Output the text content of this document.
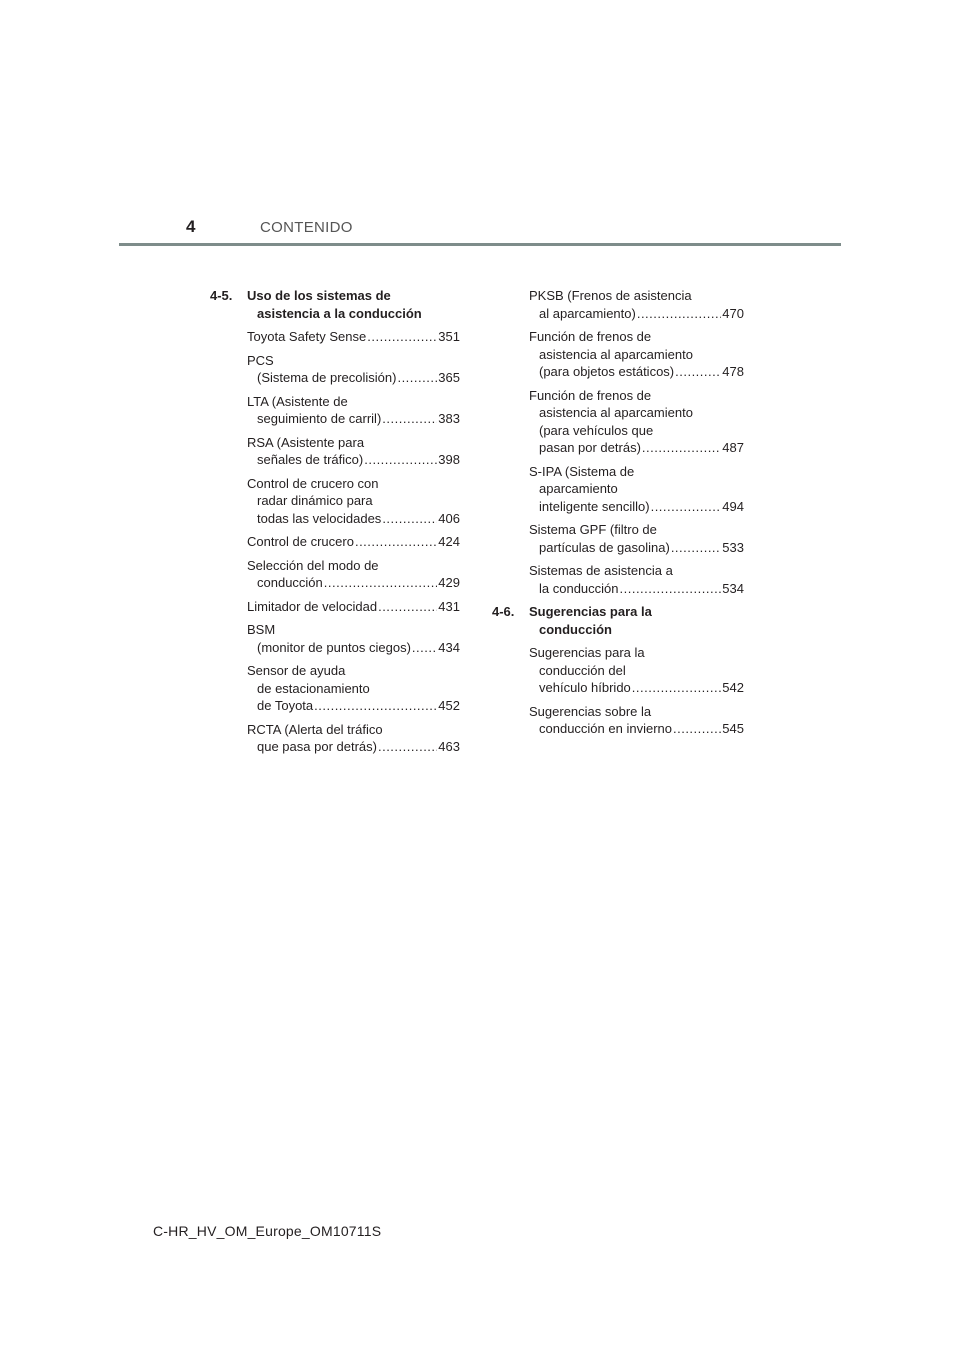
4	CONTENIDO
4-5.	Uso de los sistemas de
asistencia a la conducción
Toyota Safety Sense .....	351
PCS
(Sistema de precolisión) .....	365
LTA (Asistente de
seguimiento de carril) .....	383
RSA (Asistente para
señales de tráfico) .....	398
Control de crucero con
radar dinámico para
todas las velocidades .....	406
Control de crucero .....	424
Selección del modo de
conducción .....	429
Limitador de velocidad .....	431
BSM
(monitor de puntos ciegos) ..... 434
Sensor de ayuda
de estacionamiento
de Toyota .....	452
RCTA (Alerta del tráfico
que pasa por detrás) .....	463
PKSB (Frenos de asistencia
al aparcamiento) .....	470
Función de frenos de
asistencia al aparcamiento
(para objetos estáticos) .....	478
Función de frenos de
asistencia al aparcamiento
(para vehículos que
pasan por detrás) .....	487
S-IPA (Sistema de
aparcamiento
inteligente sencillo) .....	494
Sistema GPF (filtro de
partículas de gasolina) .....	533
Sistemas de asistencia a
la conducción .....	534
4-6.	Sugerencias para la
conducción
Sugerencias para la
conducción del
vehículo híbrido .....	542
Sugerencias sobre la
conducción en invierno .....	545
C-HR_HV_OM_Europe_OM10711S
